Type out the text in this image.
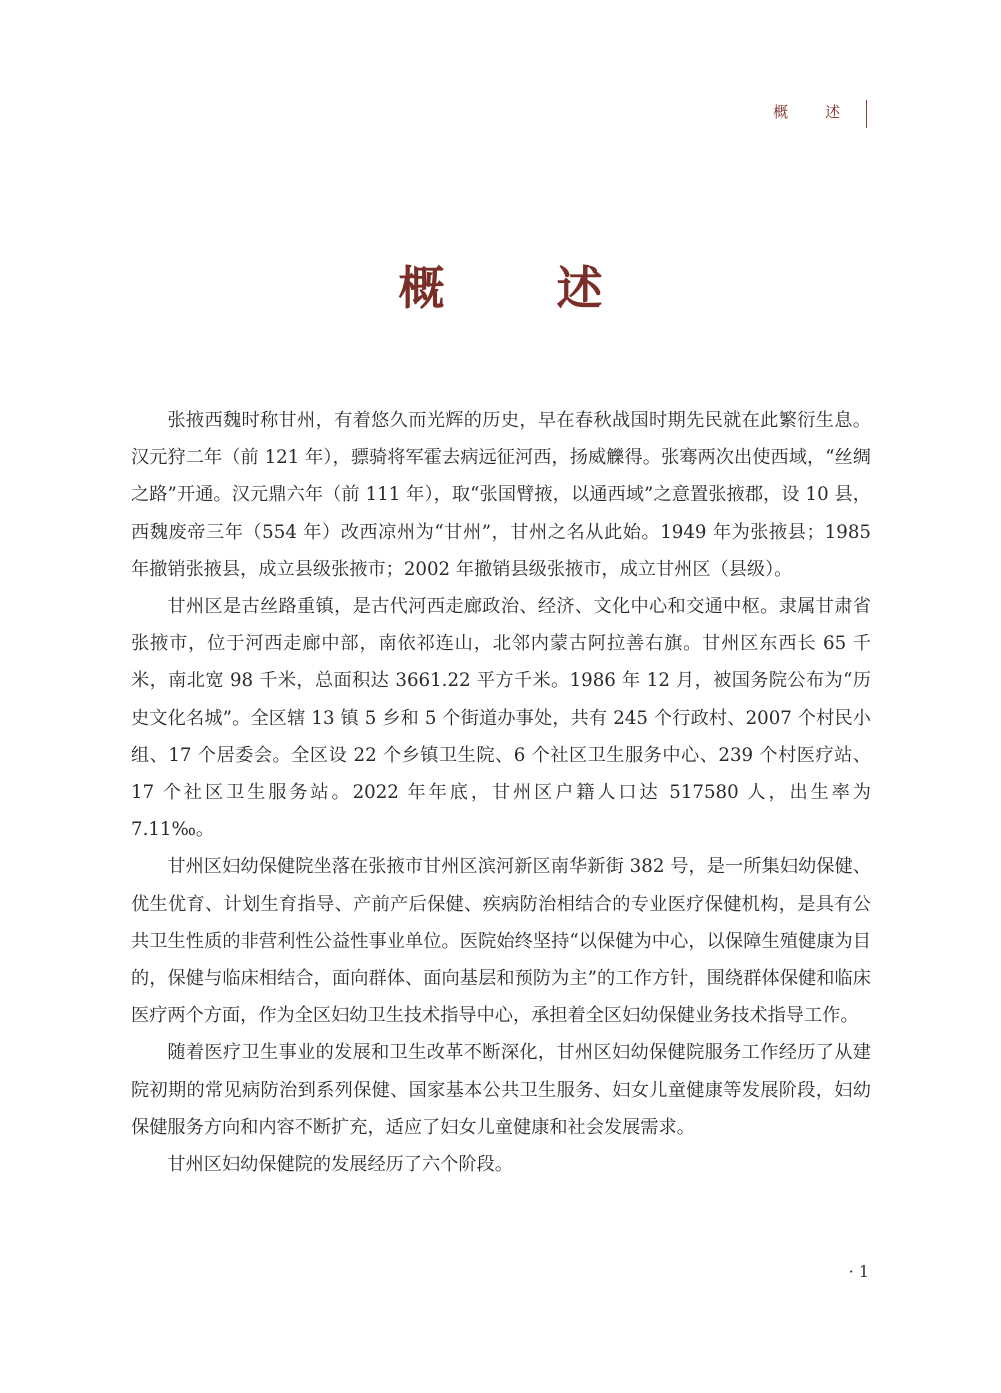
概 述
概 述

张掖西魏时称甘州，有着悠久而光辉的历史，早在春秋战国时期先民就在此繁衍生息。汉元狩二年（前 121 年），骠骑将军霍去病远征河西，扬威觻得。张骞两次出使西域，“丝绸之路”开通。汉元鼎六年（前 111 年），取“张国臂掖，以通西域”之意置张掖郡，设 10 县，西魏废帝三年（554 年）改西凉州为“甘州”，甘州之名从此始。1949 年为张掖县；1985 年撤销张掖县，成立县级张掖市；2002 年撤销县级张掖市，成立甘州区（县级）。

甘州区是古丝路重镇，是古代河西走廊政治、经济、文化中心和交通中枢。隶属甘肃省张掖市，位于河西走廊中部，南依祁连山，北邻内蒙古阿拉善右旗。甘州区东西长 65 千米，南北宽 98 千米，总面积达 3661.22 平方千米。1986 年 12 月，被国务院公布为“历史文化名城”。全区辖 13 镇 5 乡和 5 个街道办事处，共有 245 个行政村、2007 个村民小组、17 个居委会。全区设 22 个乡镇卫生院、6 个社区卫生服务中心、239 个村医疗站、17 个社区卫生服务站。2022 年年底，甘州区户籍人口达 517580 人，出生率为 7.11‰。

甘州区妇幼保健院坐落在张掖市甘州区滨河新区南华新街 382 号，是一所集妇幼保健、优生优育、计划生育指导、产前产后保健、疾病防治相结合的专业医疗保健机构，是具有公共卫生性质的非营利性公益性事业单位。医院始终坚持“以保健为中心，以保障生殖健康为目的，保健与临床相结合，面向群体、面向基层和预防为主”的工作方针，围绕群体保健和临床医疗两个方面，作为全区妇幼卫生技术指导中心，承担着全区妇幼保健业务技术指导工作。

随着医疗卫生事业的发展和卫生改革不断深化，甘州区妇幼保健院服务工作经历了从建院初期的常见病防治到系列保健、国家基本公共卫生服务、妇女儿童健康等发展阶段，妇幼保健服务方向和内容不断扩充，适应了妇女儿童健康和社会发展需求。

甘州区妇幼保健院的发展经历了六个阶段。

· 1
